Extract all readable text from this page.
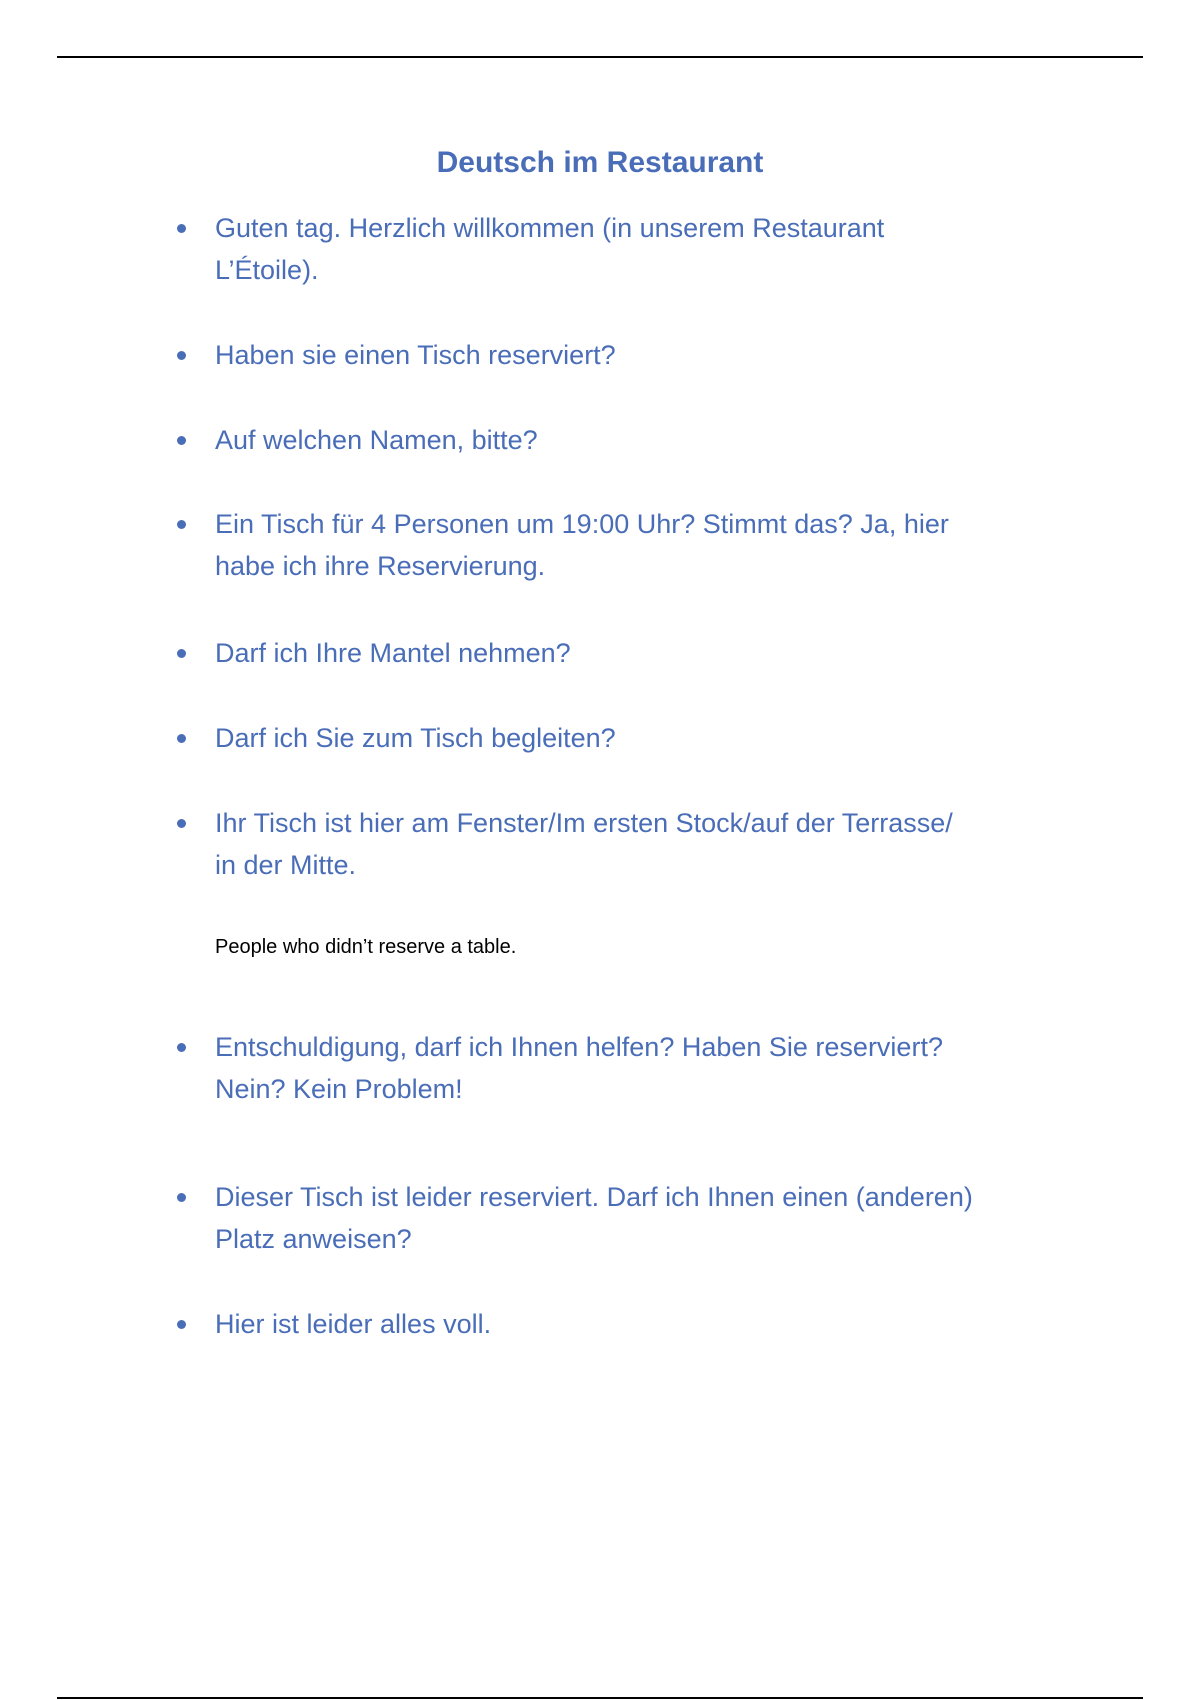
Deutsch im Restaurant
Guten tag. Herzlich willkommen (in unserem Restaurant
L’Étoile).
Haben sie einen Tisch reserviert?
Auf welchen Namen, bitte?
Ein Tisch für 4 Personen um 19:00 Uhr? Stimmt das? Ja, hier
habe ich ihre Reservierung.
Darf ich Ihre Mantel nehmen?
Darf ich Sie zum Tisch begleiten?
Ihr Tisch ist hier am Fenster/Im ersten Stock/auf der Terrasse/
in der Mitte.

People who didn’t reserve a table.

Entschuldigung, darf ich Ihnen helfen? Haben Sie reserviert?
Nein? Kein Problem!
Dieser Tisch ist leider reserviert. Darf ich Ihnen einen (anderen)
Platz anweisen?
Hier ist leider alles voll.
